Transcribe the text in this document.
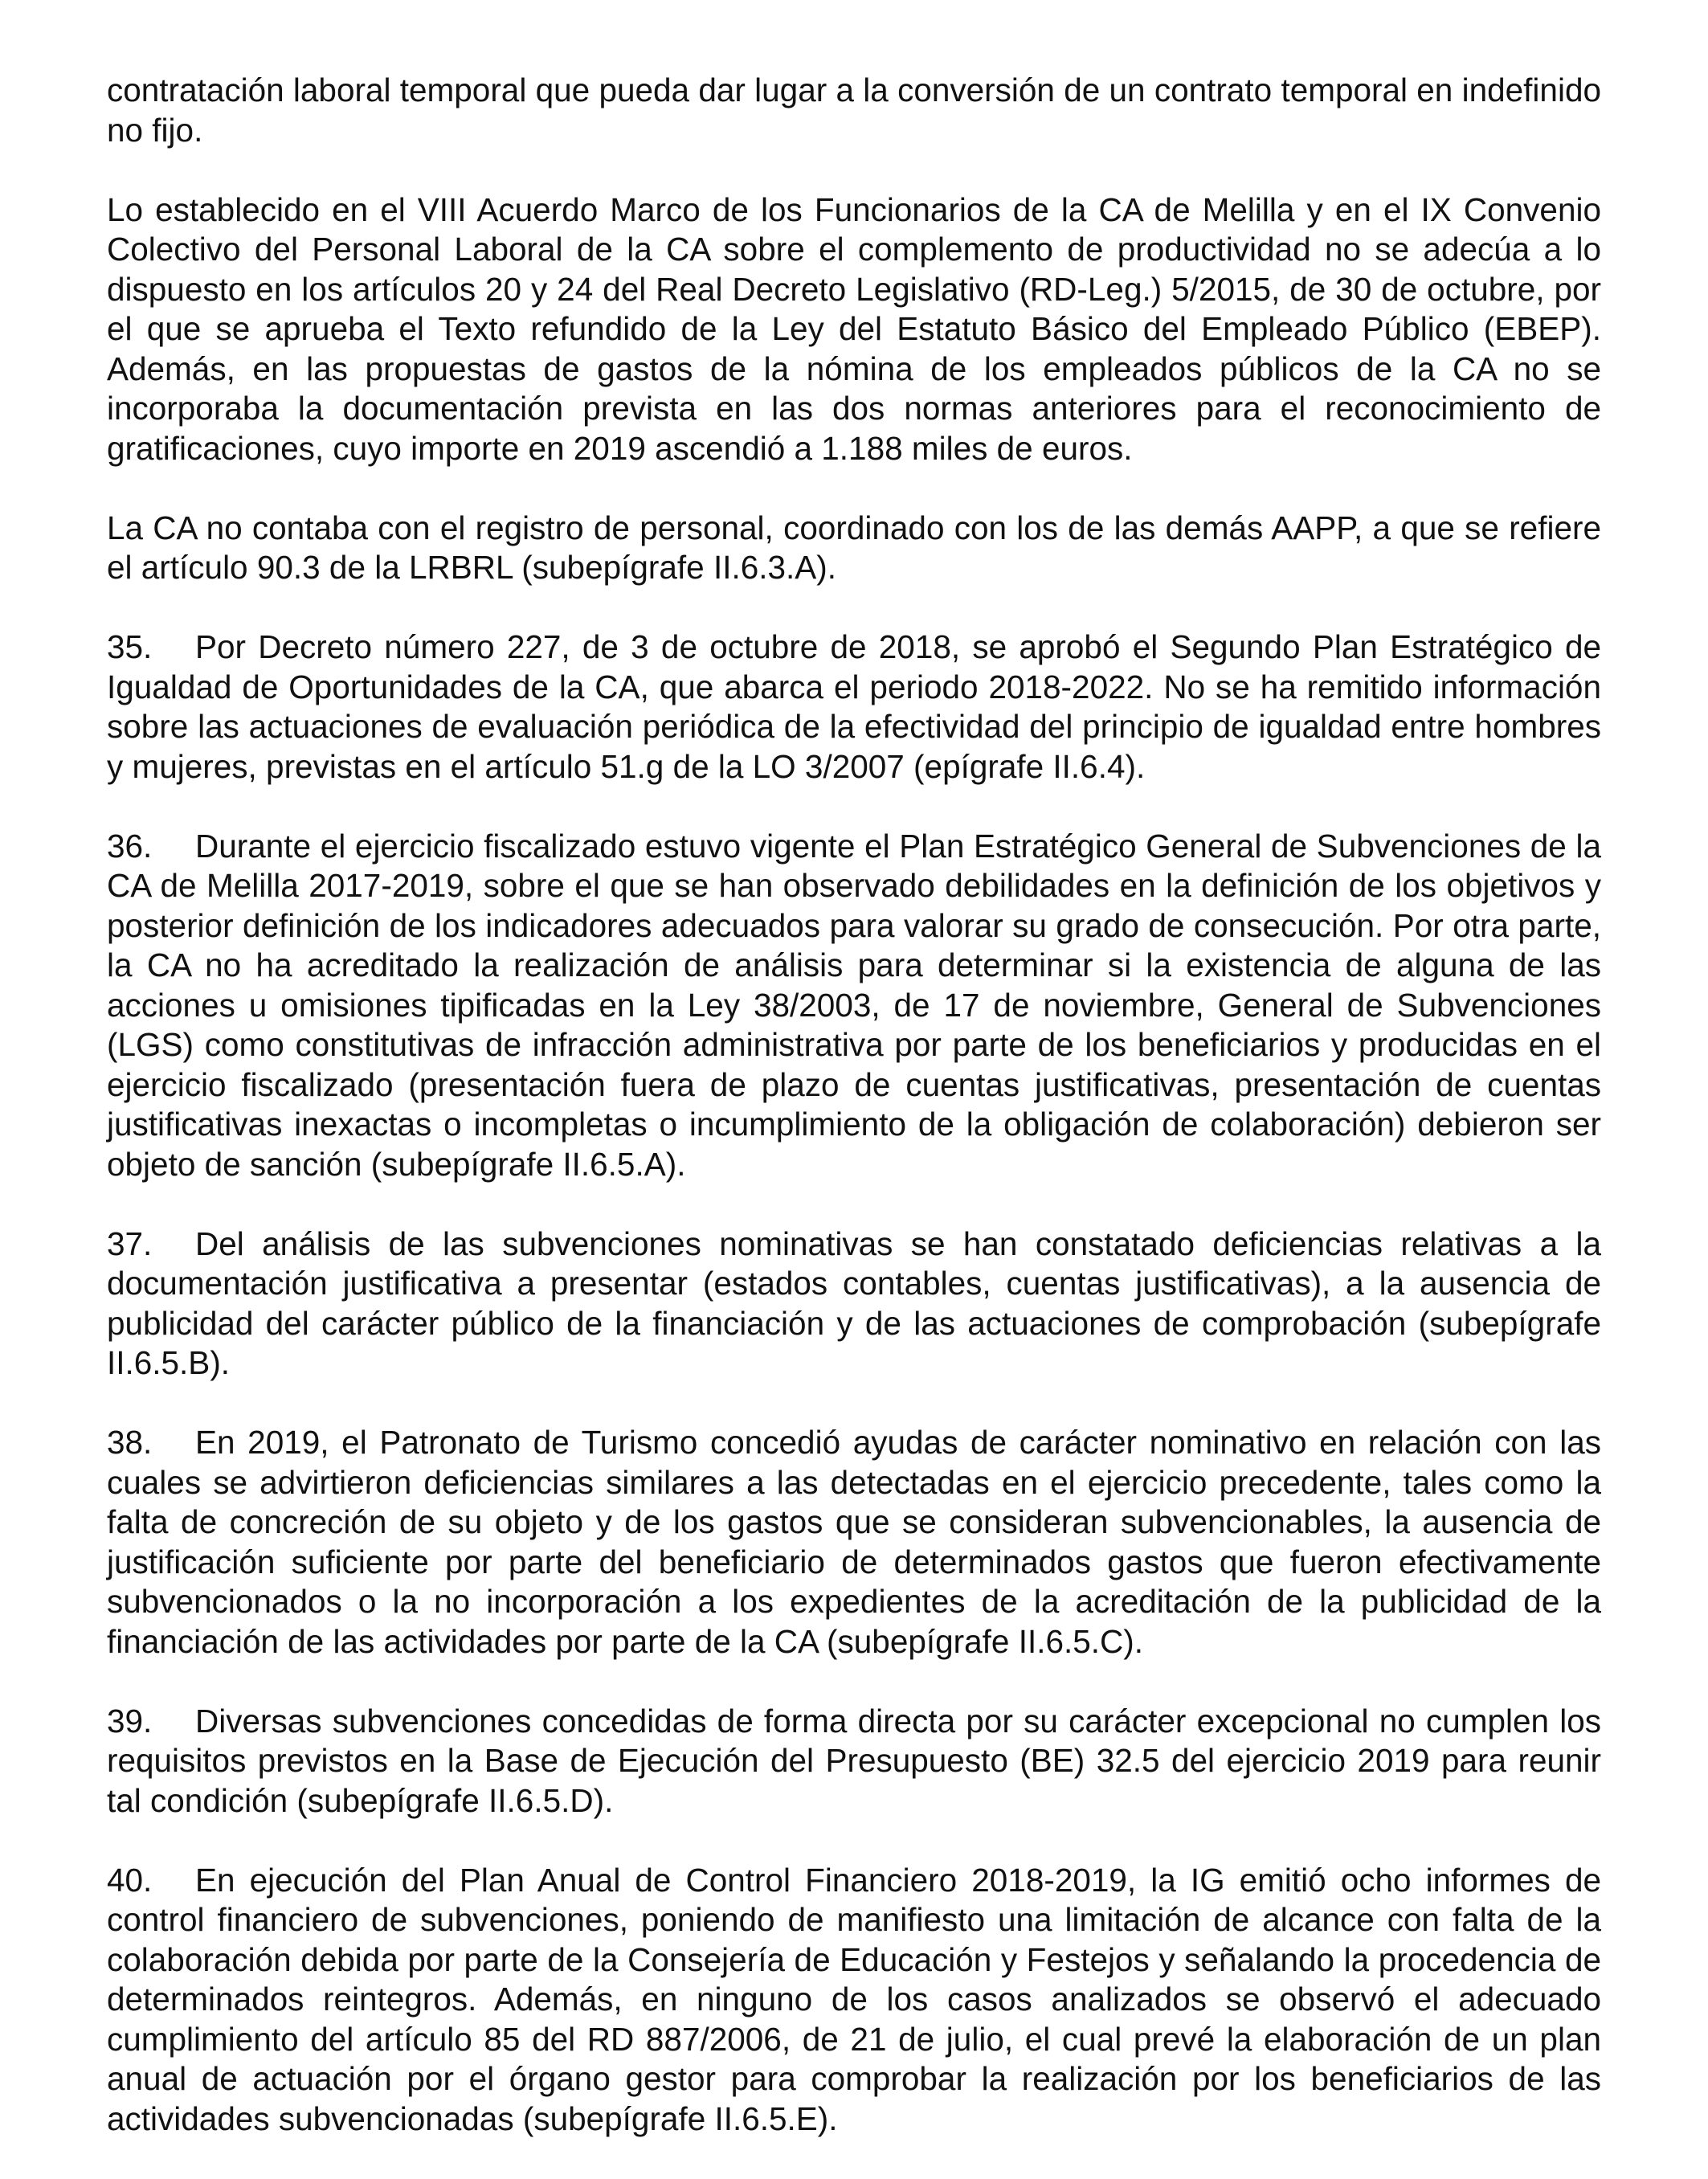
contratación laboral temporal que pueda dar lugar a la conversión de un contrato temporal en indefinido no fijo.

Lo establecido en el VIII Acuerdo Marco de los Funcionarios de la CA de Melilla y en el IX Convenio Colectivo del Personal Laboral de la CA sobre el complemento de productividad no se adecúa a lo dispuesto en los artículos 20 y 24 del Real Decreto Legislativo (RD-Leg.) 5/2015, de 30 de octubre, por el que se aprueba el Texto refundido de la Ley del Estatuto Básico del Empleado Público (EBEP). Además, en las propuestas de gastos de la nómina de los empleados públicos de la CA no se incorporaba la documentación prevista en las dos normas anteriores para el reconocimiento de gratificaciones, cuyo importe en 2019 ascendió a 1.188 miles de euros.

La CA no contaba con el registro de personal, coordinado con los de las demás AAPP, a que se refiere el artículo 90.3 de la LRBRL (subepígrafe II.6.3.A).

35. Por Decreto número 227, de 3 de octubre de 2018, se aprobó el Segundo Plan Estratégico de Igualdad de Oportunidades de la CA, que abarca el periodo 2018-2022. No se ha remitido información sobre las actuaciones de evaluación periódica de la efectividad del principio de igualdad entre hombres y mujeres, previstas en el artículo 51.g de la LO 3/2007 (epígrafe II.6.4).

36. Durante el ejercicio fiscalizado estuvo vigente el Plan Estratégico General de Subvenciones de la CA de Melilla 2017-2019, sobre el que se han observado debilidades en la definición de los objetivos y posterior definición de los indicadores adecuados para valorar su grado de consecución. Por otra parte, la CA no ha acreditado la realización de análisis para determinar si la existencia de alguna de las acciones u omisiones tipificadas en la Ley 38/2003, de 17 de noviembre, General de Subvenciones (LGS) como constitutivas de infracción administrativa por parte de los beneficiarios y producidas en el ejercicio fiscalizado (presentación fuera de plazo de cuentas justificativas, presentación de cuentas justificativas inexactas o incompletas o incumplimiento de la obligación de colaboración) debieron ser objeto de sanción (subepígrafe II.6.5.A).

37. Del análisis de las subvenciones nominativas se han constatado deficiencias relativas a la documentación justificativa a presentar (estados contables, cuentas justificativas), a la ausencia de publicidad del carácter público de la financiación y de las actuaciones de comprobación (subepígrafe II.6.5.B).

38. En 2019, el Patronato de Turismo concedió ayudas de carácter nominativo en relación con las cuales se advirtieron deficiencias similares a las detectadas en el ejercicio precedente, tales como la falta de concreción de su objeto y de los gastos que se consideran subvencionables, la ausencia de justificación suficiente por parte del beneficiario de determinados gastos que fueron efectivamente subvencionados o la no incorporación a los expedientes de la acreditación de la publicidad de la financiación de las actividades por parte de la CA (subepígrafe II.6.5.C).

39. Diversas subvenciones concedidas de forma directa por su carácter excepcional no cumplen los requisitos previstos en la Base de Ejecución del Presupuesto (BE) 32.5 del ejercicio 2019 para reunir tal condición (subepígrafe II.6.5.D).

40. En ejecución del Plan Anual de Control Financiero 2018-2019, la IG emitió ocho informes de control financiero de subvenciones, poniendo de manifiesto una limitación de alcance con falta de la colaboración debida por parte de la Consejería de Educación y Festejos y señalando la procedencia de determinados reintegros. Además, en ninguno de los casos analizados se observó el adecuado cumplimiento del artículo 85 del RD 887/2006, de 21 de julio, el cual prevé la elaboración de un plan anual de actuación por el órgano gestor para comprobar la realización por los beneficiarios de las actividades subvencionadas (subepígrafe II.6.5.E).
